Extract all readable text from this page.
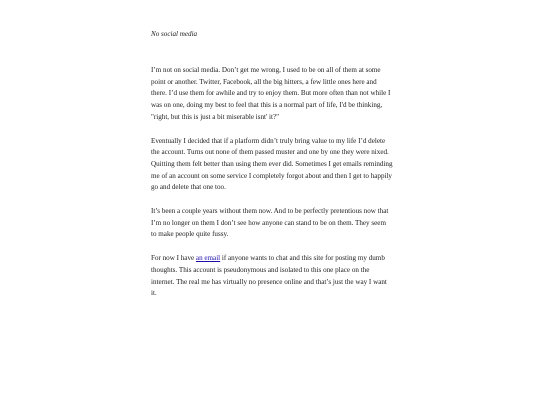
No social media

I’m not on social media. Don’t get me wrong, I used to be on all of them at some point or another. Twitter, Facebook, all the big hitters, a few little ones here and there. I’d use them for awhile and try to enjoy them. But more often than not while I was on one, doing my best to feel that this is a normal part of life, I'd be thinking, "right, but this is just a bit miserable isnt' it?"

Eventually I decided that if a platform didn’t truly bring value to my life I’d delete the account. Turns out none of them passed muster and one by one they were nixed. Quitting them felt better than using them ever did. Sometimes I get emails reminding me of an account on some service I completely forgot about and then I get to happily go and delete that one too.

It’s been a couple years without them now. And to be perfectly pretentious now that I’m no longer on them I don’t see how anyone can stand to be on them. They seem to make people quite fussy.

For now I have an email if anyone wants to chat and this site for posting my dumb thoughts. This account is pseudonymous and isolated to this one place on the internet. The real me has virtually no presence online and that’s just the way I want it.
